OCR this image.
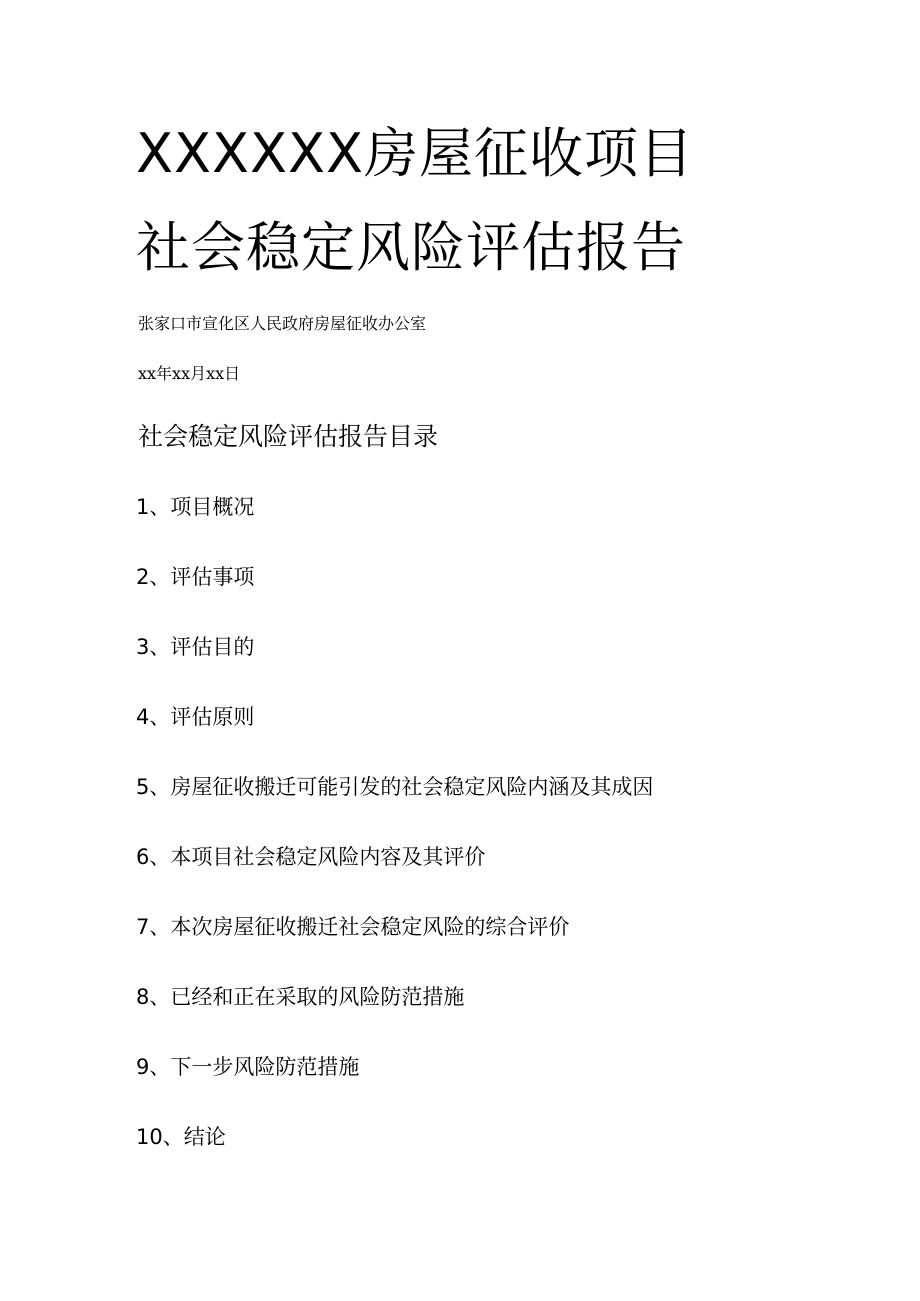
XXXXXX房屋征收项目
社会稳定风险评估报告
张家口市宣化区人民政府房屋征收办公室
xx年xx月xx日
社会稳定风险评估报告目录
1、项目概况
2、评估事项
3、评估目的
4、评估原则
5、房屋征收搬迁可能引发的社会稳定风险内涵及其成因
6、本项目社会稳定风险内容及其评价
7、本次房屋征收搬迁社会稳定风险的综合评价
8、已经和正在采取的风险防范措施
9、下一步风险防范措施
10、结论
